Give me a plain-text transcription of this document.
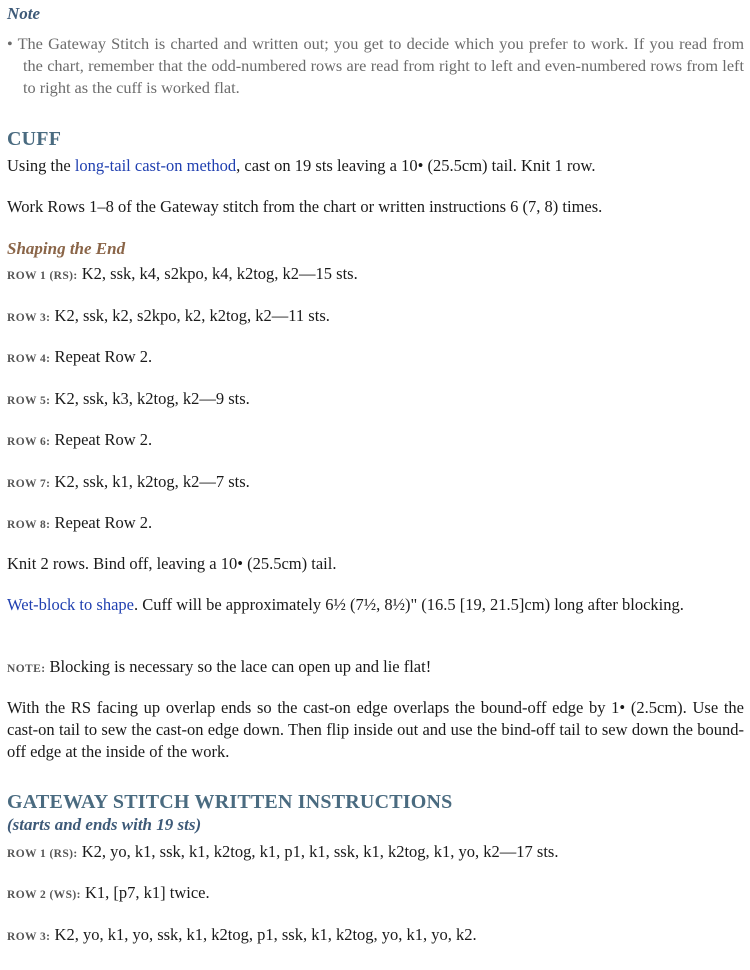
Note
• The Gateway Stitch is charted and written out; you get to decide which you prefer to work. If you read from the chart, remember that the odd-numbered rows are read from right to left and even-numbered rows from left to right as the cuff is worked flat.
CUFF
Using the long-tail cast-on method, cast on 19 sts leaving a 10• (25.5cm) tail. Knit 1 row.
Work Rows 1–8 of the Gateway stitch from the chart or written instructions 6 (7, 8) times.
Shaping the End
ROW 1 (RS): K2, ssk, k4, s2kpo, k4, k2tog, k2—15 sts.
ROW 3: K2, ssk, k2, s2kpo, k2, k2tog, k2—11 sts.
ROW 4: Repeat Row 2.
ROW 5: K2, ssk, k3, k2tog, k2—9 sts.
ROW 6: Repeat Row 2.
ROW 7: K2, ssk, k1, k2tog, k2—7 sts.
ROW 8: Repeat Row 2.
Knit 2 rows. Bind off, leaving a 10• (25.5cm) tail.
Wet-block to shape. Cuff will be approximately 6½ (7½, 8½)" (16.5 [19, 21.5]cm) long after blocking.
NOTE: Blocking is necessary so the lace can open up and lie flat!
With the RS facing up overlap ends so the cast-on edge overlaps the bound-off edge by 1• (2.5cm). Use the cast-on tail to sew the cast-on edge down. Then flip inside out and use the bind-off tail to sew down the bound-off edge at the inside of the work.
GATEWAY STITCH WRITTEN INSTRUCTIONS
(starts and ends with 19 sts)
ROW 1 (RS): K2, yo, k1, ssk, k1, k2tog, k1, p1, k1, ssk, k1, k2tog, k1, yo, k2—17 sts.
ROW 2 (WS): K1, [p7, k1] twice.
ROW 3: K2, yo, k1, yo, ssk, k1, k2tog, p1, ssk, k1, k2tog, yo, k1, yo, k2.
